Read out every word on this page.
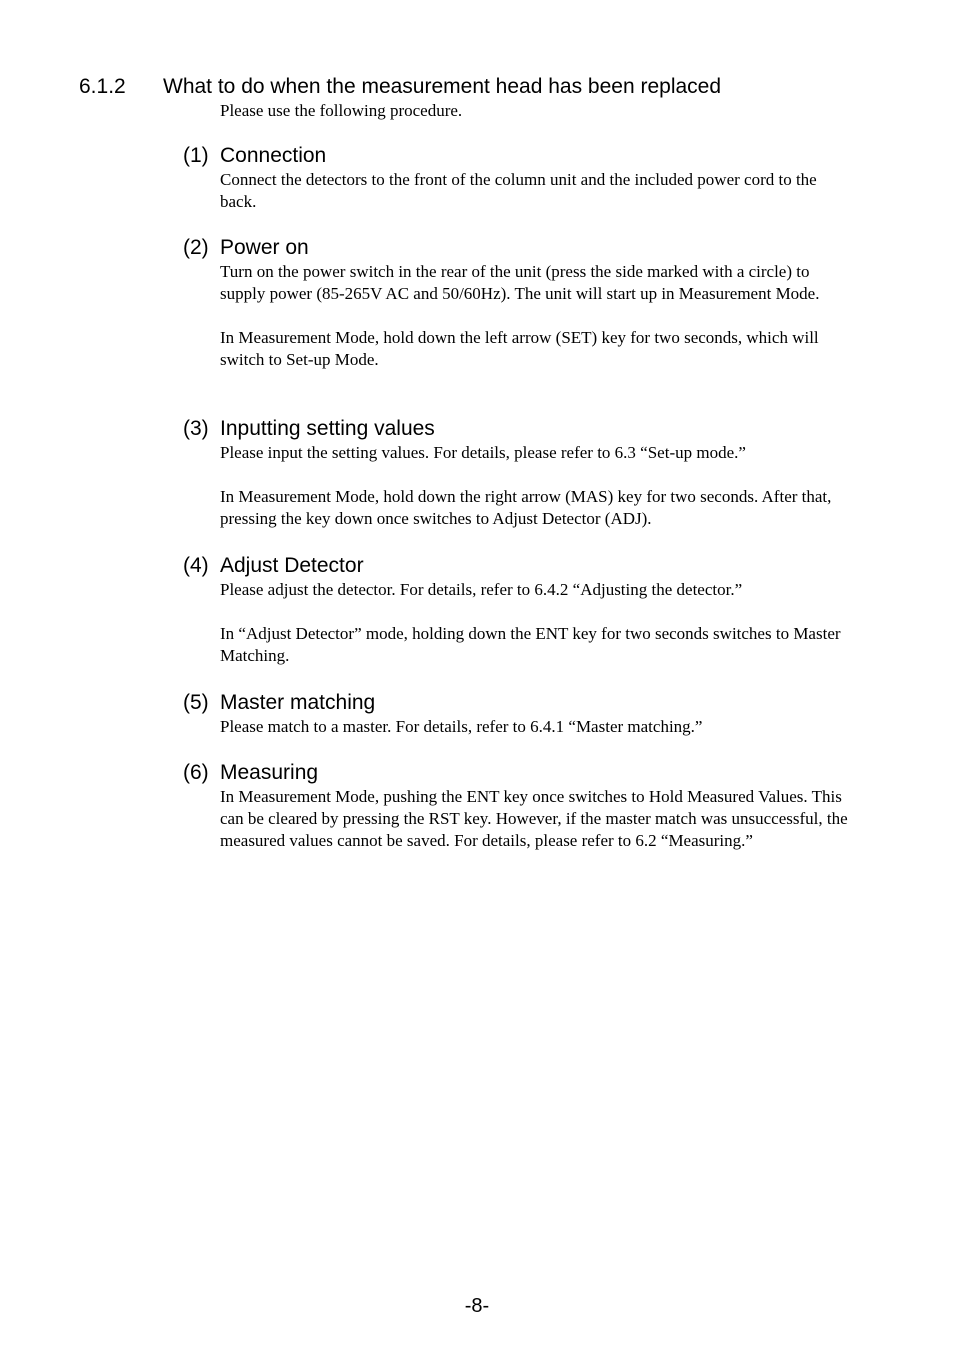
6.1.2 What to do when the measurement head has been replaced
Please use the following procedure.
(1) Connection

Connect the detectors to the front of the column unit and the included power cord to the back.

(2) Power on

Turn on the power switch in the rear of the unit (press the side marked with a circle) to supply power (85-265V AC and 50/60Hz). The unit will start up in Measurement Mode.

In Measurement Mode, hold down the left arrow (SET) key for two seconds, which will switch to Set-up Mode.

(3) Inputting setting values

Please input the setting values. For details, please refer to 6.3 “Set-up mode.”

In Measurement Mode, hold down the right arrow (MAS) key for two seconds. After that, pressing the key down once switches to Adjust Detector (ADJ).

(4) Adjust Detector

Please adjust the detector. For details, refer to 6.4.2 “Adjusting the detector.”

In “Adjust Detector” mode, holding down the ENT key for two seconds switches to Master Matching.

(5) Master matching

Please match to a master. For details, refer to 6.4.1 “Master matching.”

(6) Measuring

In Measurement Mode, pushing the ENT key once switches to Hold Measured Values. This can be cleared by pressing the RST key. However, if the master match was unsuccessful, the measured values cannot be saved. For details, please refer to 6.2 “Measuring.”

-8-
